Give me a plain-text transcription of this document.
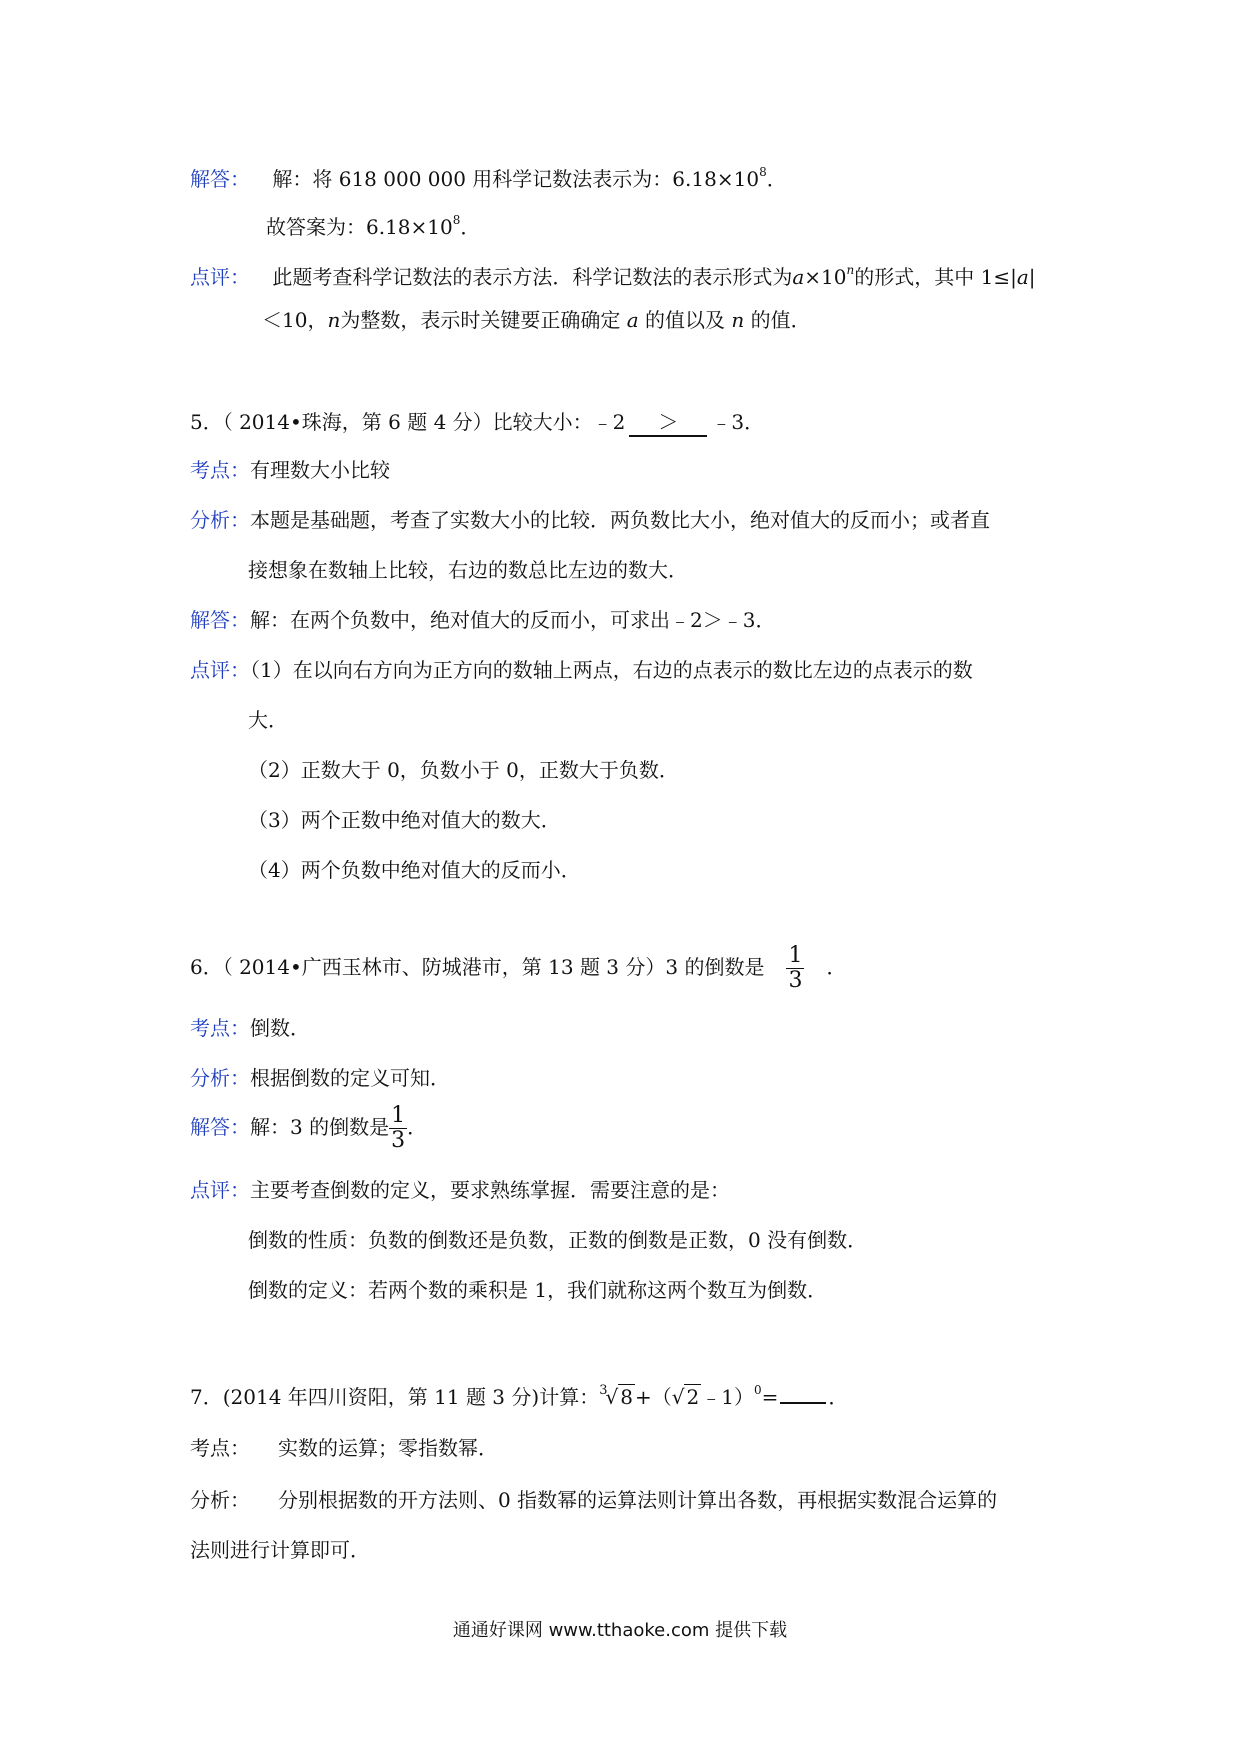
解答： 解：将 618 000 000 用科学记数法表示为：$6.18\times 10^8$．
故答案为：$6.18\times 10^8$．
点评： 此题考查科学记数法的表示方法．科学记数法的表示形式为$a\times 10^n$的形式，其中 1≤|a|
＜10，n为整数，表示时关键要正确确定 a 的值以及 n 的值．
5．（ 2014•珠海，第 6 题 4 分）比较大小：﹣2 ＞ ﹣3．
考点：有理数大小比较
分析：本题是基础题，考查了实数大小的比较．两负数比大小，绝对值大的反而小；或者直
接想象在数轴上比较，右边的数总比左边的数大．
解答：解：在两个负数中，绝对值大的反而小，可求出﹣2＞﹣3．
点评：（1）在以向右方向为正方向的数轴上两点，右边的点表示的数比左边的点表示的数
大．
（2）正数大于 0，负数小于 0，正数大于负数．
（3）两个正数中绝对值大的数大．
（4）两个负数中绝对值大的反而小．
6．（ 2014•广西玉林市、防城港市，第 13 题 3 分）3 的倒数是 $\frac{1}{3}$ ．
考点：倒数．
分析：根据倒数的定义可知．
解答：解：3 的倒数是 $\frac{1}{3}$ ．
点评：主要考查倒数的定义，要求熟练掌握．需要注意的是：
倒数的性质：负数的倒数还是负数，正数的倒数是正数，0 没有倒数．
倒数的定义：若两个数的乘积是 1，我们就称这两个数互为倒数．
7．(2014 年四川资阳，第 11 题 3 分)计算：$^3$√ 8 +（√ 2 ﹣1）$^0$=	．
考点： 实数的运算；零指数幂．
分析： 分别根据数的开方法则、0 指数幂的运算法则计算出各数，再根据实数混合运算的
法则进行计算即可．
通通好课网 www.tthaoke.com 提供下载
